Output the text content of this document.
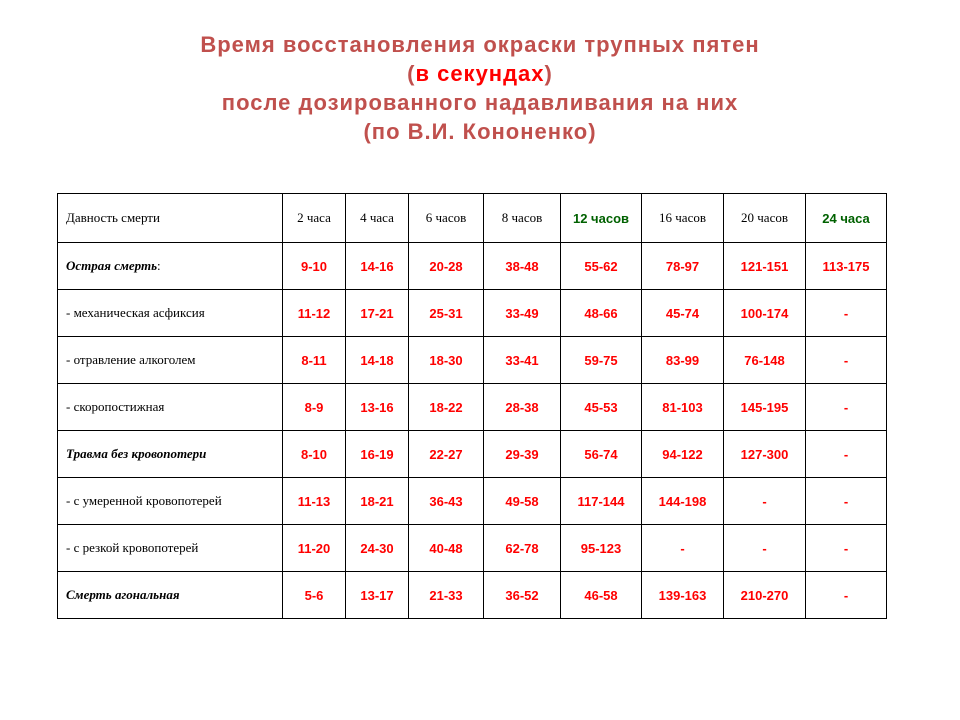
Время восстановления окраски трупных пятен
(в секундах)
после дозированного надавливания на них
(по В.И. Кононенко)
Давность смерти	2 часа	4 часа	6 часов	8 часов	12 часов	16 часов	20 часов	24 часа
Острая смерть:	9-10	14-16	20-28	38-48	55-62	78-97	121-151	113-175
- механическая асфиксия	11-12	17-21	25-31	33-49	48-66	45-74	100-174	-
- отравление алкоголем	8-11	14-18	18-30	33-41	59-75	83-99	76-148	-
- скоропостижная	8-9	13-16	18-22	28-38	45-53	81-103	145-195	-
Травма без кровопотери	8-10	16-19	22-27	29-39	56-74	94-122	127-300	-
- с умеренной кровопотерей	11-13	18-21	36-43	49-58	117-144	144-198	-	-
- с резкой кровопотерей	11-20	24-30	40-48	62-78	95-123	-	-	-
Смерть агональная	5-6	13-17	21-33	36-52	46-58	139-163	210-270	-
